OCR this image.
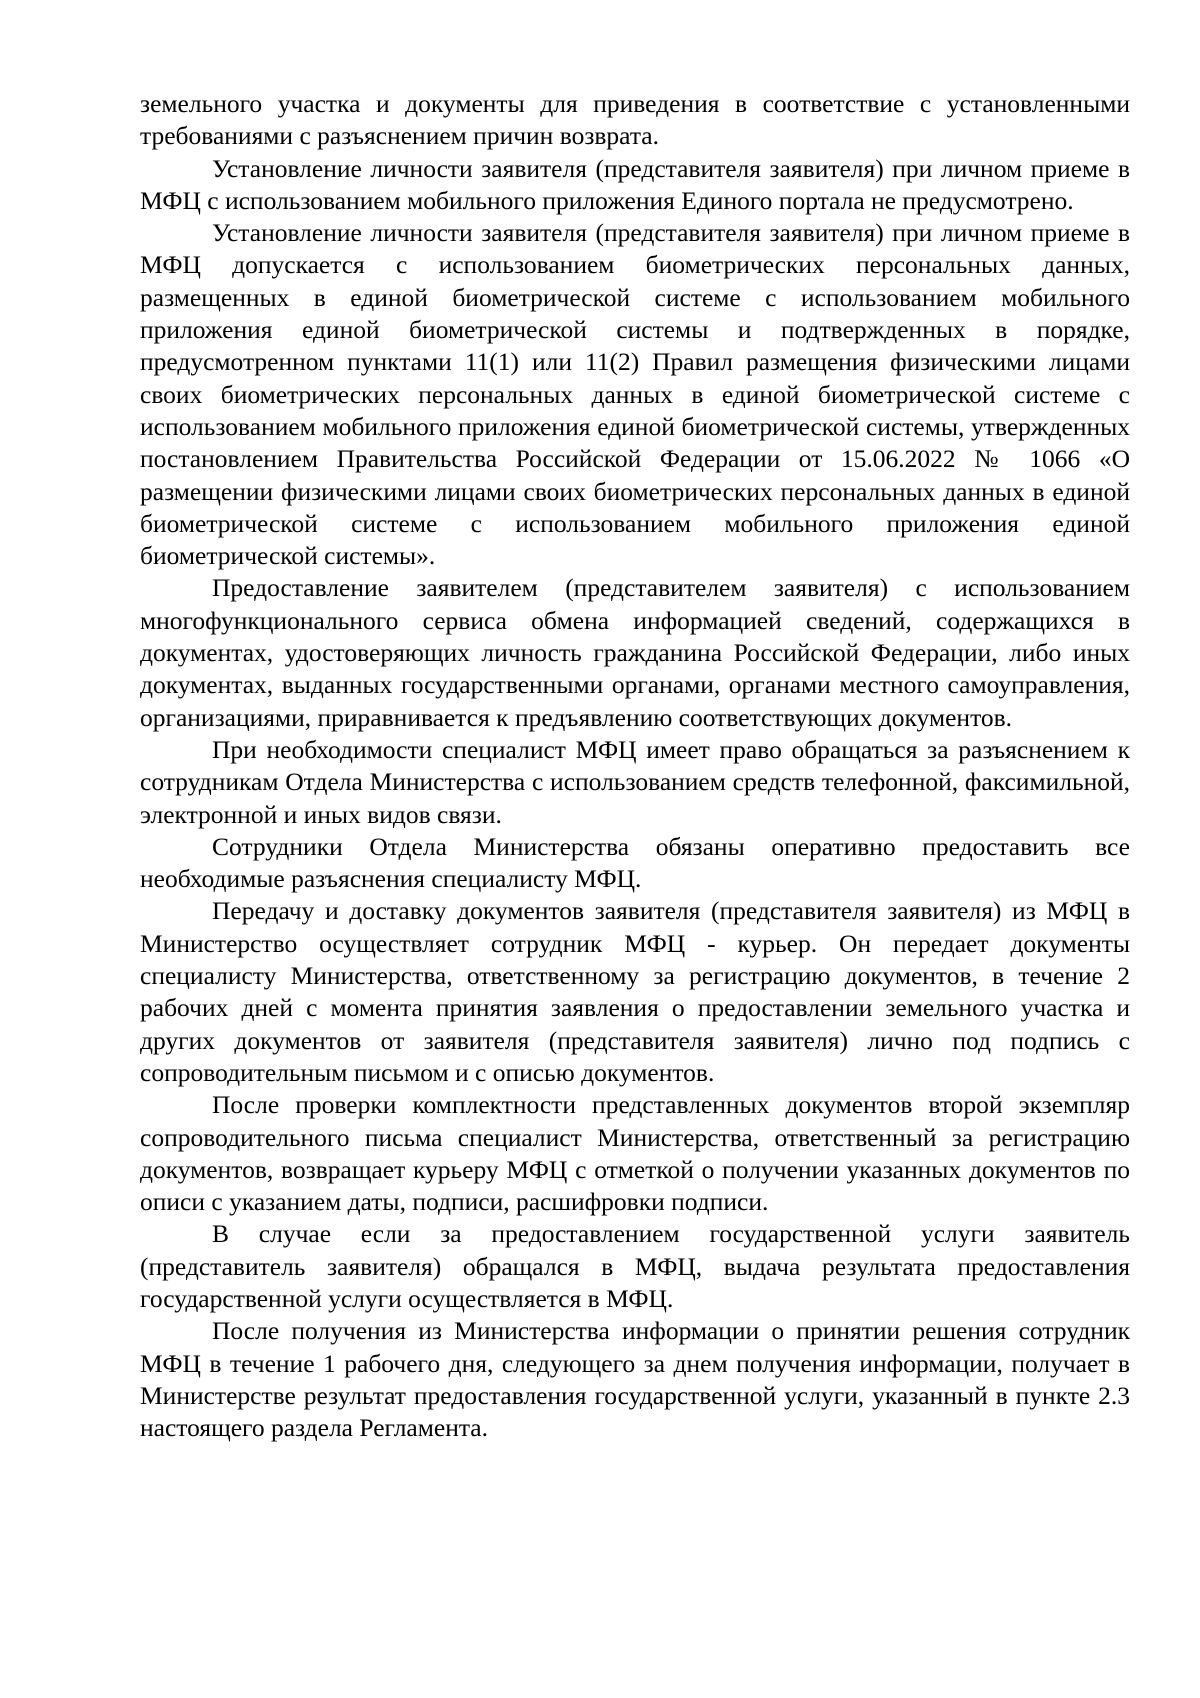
земельного участка и документы для приведения в соответствие с установленными требованиями с разъяснением причин возврата.

Установление личности заявителя (представителя заявителя) при личном приеме в МФЦ с использованием мобильного приложения Единого портала не предусмотрено.

Установление личности заявителя (представителя заявителя) при личном приеме в МФЦ допускается с использованием биометрических персональных данных, размещенных в единой биометрической системе с использованием мобильного приложения единой биометрической системы и подтвержденных в порядке, предусмотренном пунктами 11(1) или 11(2) Правил размещения физическими лицами своих биометрических персональных данных в единой биометрической системе с использованием мобильного приложения единой биометрической системы, утвержденных постановлением Правительства Российской Федерации от 15.06.2022 № 1066 «О размещении физическими лицами своих биометрических персональных данных в единой биометрической системе с использованием мобильного приложения единой биометрической системы».

Предоставление заявителем (представителем заявителя) с использованием многофункционального сервиса обмена информацией сведений, содержащихся в документах, удостоверяющих личность гражданина Российской Федерации, либо иных документах, выданных государственными органами, органами местного самоуправления, организациями, приравнивается к предъявлению соответствующих документов.

При необходимости специалист МФЦ имеет право обращаться за разъяснением к сотрудникам Отдела Министерства с использованием средств телефонной, факсимильной, электронной и иных видов связи.

Сотрудники Отдела Министерства обязаны оперативно предоставить все необходимые разъяснения специалисту МФЦ.

Передачу и доставку документов заявителя (представителя заявителя) из МФЦ в Министерство осуществляет сотрудник МФЦ - курьер. Он передает документы специалисту Министерства, ответственному за регистрацию документов, в течение 2 рабочих дней с момента принятия заявления о предоставлении земельного участка и других документов от заявителя (представителя заявителя) лично под подпись с сопроводительным письмом и с описью документов.

После проверки комплектности представленных документов второй экземпляр сопроводительного письма специалист Министерства, ответственный за регистрацию документов, возвращает курьеру МФЦ с отметкой о получении указанных документов по описи с указанием даты, подписи, расшифровки подписи.

В случае если за предоставлением государственной услуги заявитель (представитель заявителя) обращался в МФЦ, выдача результата предоставления государственной услуги осуществляется в МФЦ.

После получения из Министерства информации о принятии решения сотрудник МФЦ в течение 1 рабочего дня, следующего за днем получения информации, получает в Министерстве результат предоставления государственной услуги, указанный в пункте 2.3 настоящего раздела Регламента.
